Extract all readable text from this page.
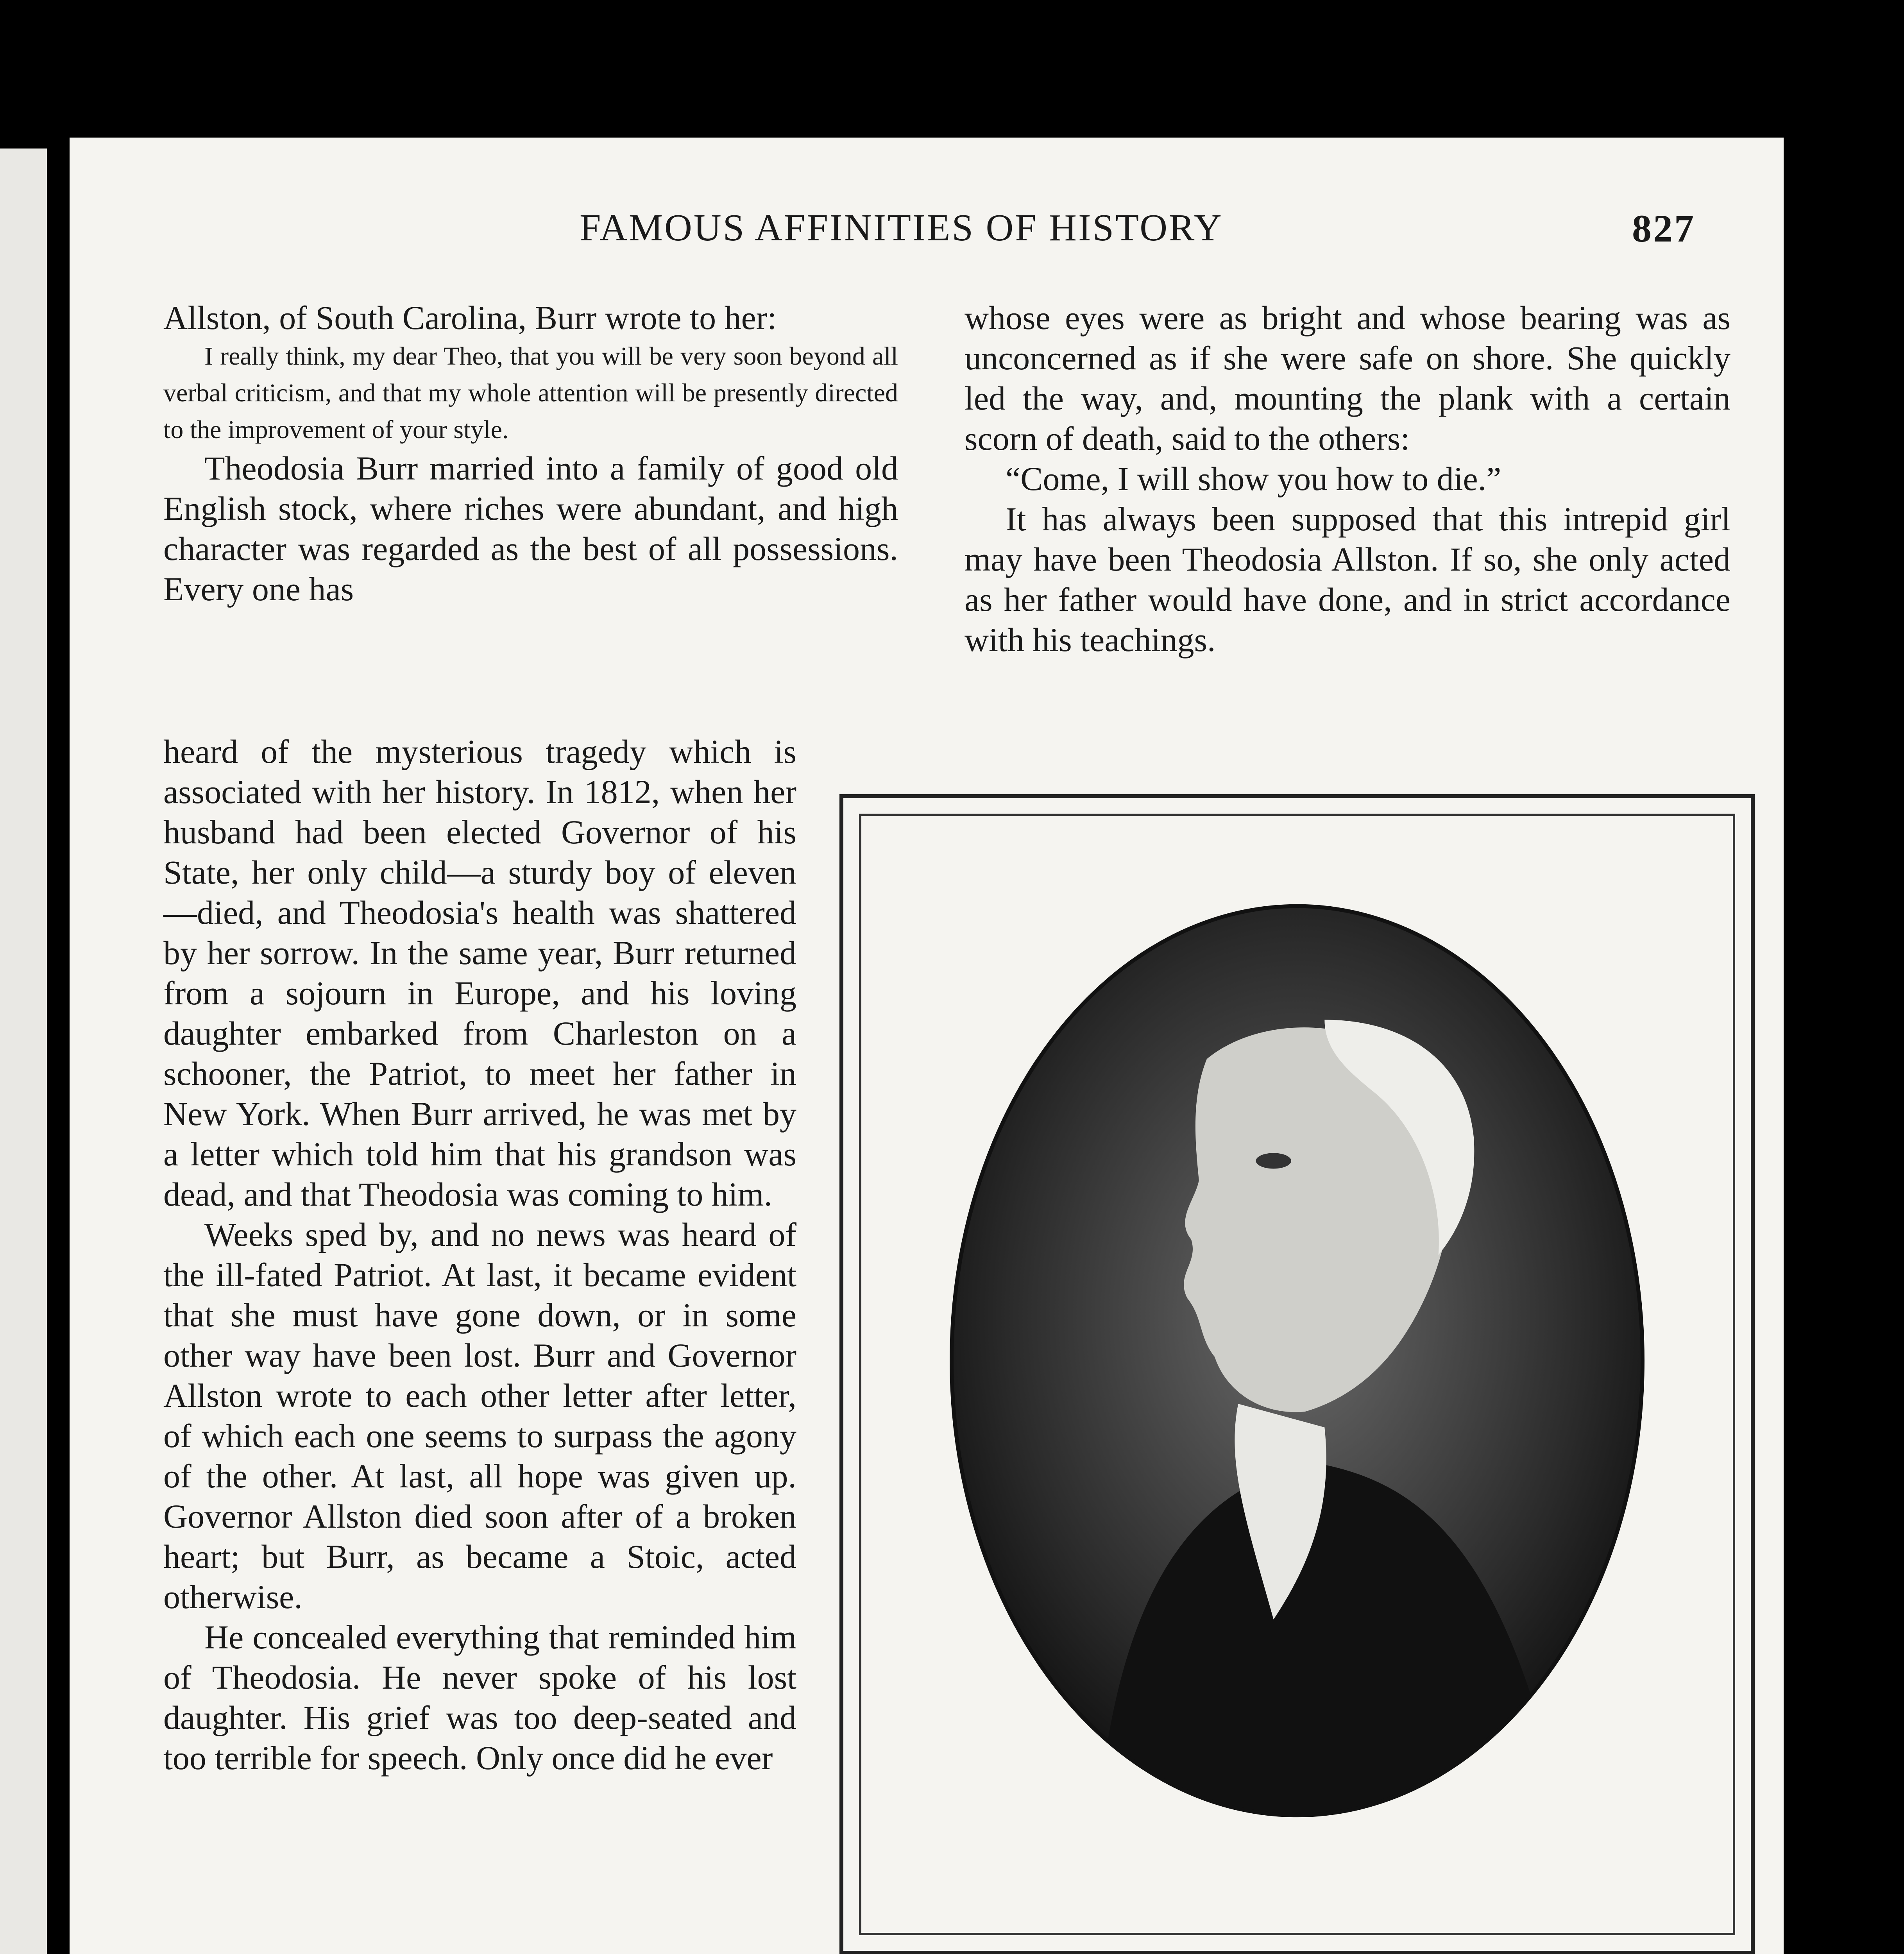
FAMOUS AFFINITIES OF HISTORY	827

Allston, of South Carolina, Burr wrote to her:

I really think, my dear Theo, that you will be very soon beyond all verbal criticism, and that my whole attention will be presently directed to the improvement of your style.

Theodosia Burr married into a family of good old English stock, where riches were abundant, and high character was regarded as the best of all possessions. Every one has

heard of the mysterious tragedy which is associated with her history. In 1812, when her husband had been elected Governor of his State, her only child—a sturdy boy of eleven—died, and Theodosia's health was shattered by her sorrow. In the same year, Burr returned from a sojourn in Europe, and his loving daughter embarked from Charleston on a schooner, the Patriot, to meet her father in New York. When Burr arrived, he was met by a letter which told him that his grandson was dead, and that Theodosia was coming to him.

Weeks sped by, and no news was heard of the ill-fated Patriot. At last, it became evident that she must have gone down, or in some other way have been lost. Burr and Governor Allston wrote to each other letter after letter, of which each one seems to surpass the agony of the other. At last, all hope was given up. Governor Allston died soon after of a broken heart; but Burr, as became a Stoic, acted otherwise.

He concealed everything that reminded him of Theodosia. He never spoke of his lost daughter. His grief was too deep-seated and too terrible for speech. Only once did he ever

whose eyes were as bright and whose bearing was as unconcerned as if she were safe on shore. She quickly led the way, and, mounting the plank with a certain scorn of death, said to the others:

“Come, I will show you how to die.”

It has always been supposed that this intrepid girl may have been Theodosia Allston. If so, she only acted as her father would have done, and in strict accordance with his teachings.
